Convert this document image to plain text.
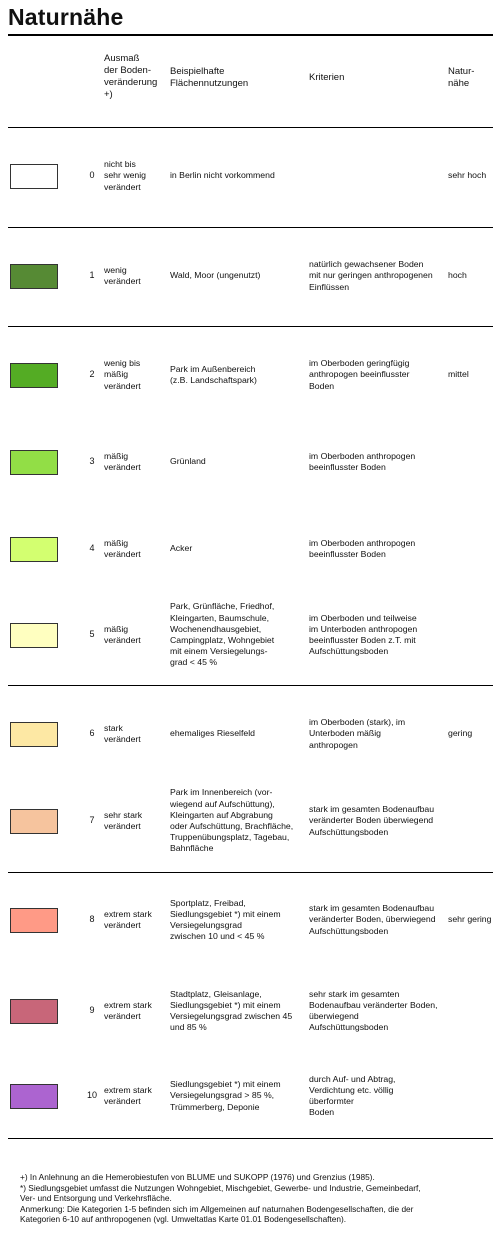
Naturnähe
Ausmaß
der Boden-
veränderung
+)
Beispielhafte
Flächennutzungen
Kriterien
Natur-
nähe
0
nicht bis
sehr wenig
verändert
in Berlin nicht vorkommend	sehr hoch
1
wenig
verändert
Wald, Moor (ungenutzt)
natürlich gewachsener Boden
mit nur geringen anthropogenen
Einflüssen
hoch
2
wenig bis
mäßig
verändert
Park im Außenbereich
(z.B. Landschaftspark)
im Oberboden geringfügig
anthropogen beeinflusster
Boden
mittel
3
mäßig
verändert
Grünland
im Oberboden anthropogen
beeinflusster Boden
4
mäßig
verändert
Acker
im Oberboden anthropogen
beeinflusster Boden
5
mäßig
verändert
Park, Grünfläche, Friedhof,
Kleingarten, Baumschule,
Wochenendhausgebiet,
Campingplatz, Wohngebiet
mit einem Versiegelungs-
grad < 45 %
im Oberboden und teilweise
im Unterboden anthropogen
beeinflusster Boden z.T. mit
Aufschüttungsboden
6
stark
verändert
ehemaliges Rieselfeld
im Oberboden (stark), im
Unterboden mäßig
anthropogen
gering
7
sehr stark
verändert
Park im Innenbereich (vor-
wiegend auf Aufschüttung),
Kleingarten auf Abgrabung
oder Aufschüttung, Brachfläche,
Truppenübungsplatz, Tagebau,
Bahnfläche
stark im gesamten Bodenaufbau
veränderter Boden überwiegend
Aufschüttungsboden
8
extrem stark
verändert
Sportplatz, Freibad,
Siedlungsgebiet *) mit einem
Versiegelungsgrad
zwischen 10 und < 45 %
stark im gesamten Bodenaufbau
veränderter Boden, überwiegend
Aufschüttungsboden
sehr gering
9
extrem stark
verändert
Stadtplatz, Gleisanlage,
Siedlungsgebiet *) mit einem
Versiegelungsgrad zwischen 45
und 85 %
sehr stark im gesamten
Bodenaufbau veränderter Boden,
überwiegend
Aufschüttungsboden
10
extrem stark
verändert
Siedlungsgebiet *) mit einem
Versiegelungsgrad > 85 %,
Trümmerberg, Deponie
durch Auf- und Abtrag,
Verdichtung etc. völlig
überformter
Boden
+) In Anlehnung an die Hemerobiestufen von BLUME und SUKOPP (1976) und Grenzius (1985).
*) Siedlungsgebiet umfasst die Nutzungen Wohngebiet, Mischgebiet, Gewerbe- und Industrie, Gemeinbedarf,
Ver- und Entsorgung und Verkehrsfläche.
Anmerkung: Die Kategorien 1-5 befinden sich im Allgemeinen auf naturnahen Bodengesellschaften, die der
Kategorien 6-10 auf anthropogenen (vgl. Umweltatlas Karte 01.01 Bodengesellschaften).
